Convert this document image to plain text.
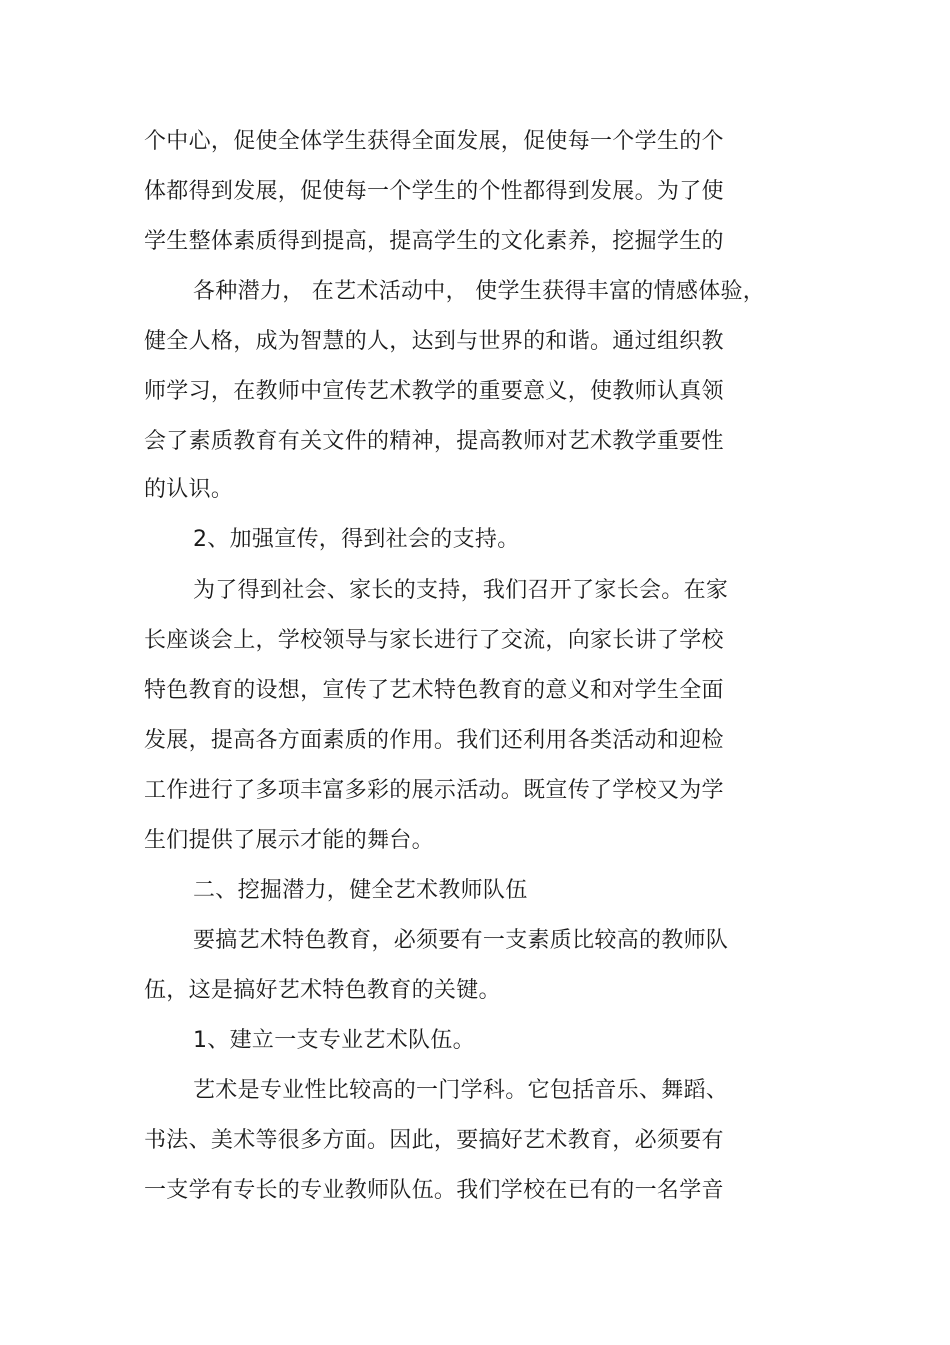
个中心，促使全体学生获得全面发展，促使每一个学生的个
体都得到发展，促使每一个学生的个性都得到发展。为了使
学生整体素质得到提高，提高学生的文化素养，挖掘学生的
各种潜力， 在艺术活动中， 使学生获得丰富的情感体验，
健全人格，成为智慧的人，达到与世界的和谐。通过组织教
师学习，在教师中宣传艺术教学的重要意义，使教师认真领
会了素质教育有关文件的精神，提高教师对艺术教学重要性
的认识。
2、加强宣传，得到社会的支持。
为了得到社会、家长的支持，我们召开了家长会。在家
长座谈会上，学校领导与家长进行了交流，向家长讲了学校
特色教育的设想，宣传了艺术特色教育的意义和对学生全面
发展，提高各方面素质的作用。我们还利用各类活动和迎检
工作进行了多项丰富多彩的展示活动。既宣传了学校又为学
生们提供了展示才能的舞台。
二、挖掘潜力，健全艺术教师队伍
要搞艺术特色教育，必须要有一支素质比较高的教师队
伍，这是搞好艺术特色教育的关键。
1、建立一支专业艺术队伍。
艺术是专业性比较高的一门学科。它包括音乐、舞蹈、
书法、美术等很多方面。因此，要搞好艺术教育，必须要有
一支学有专长的专业教师队伍。我们学校在已有的一名学音
